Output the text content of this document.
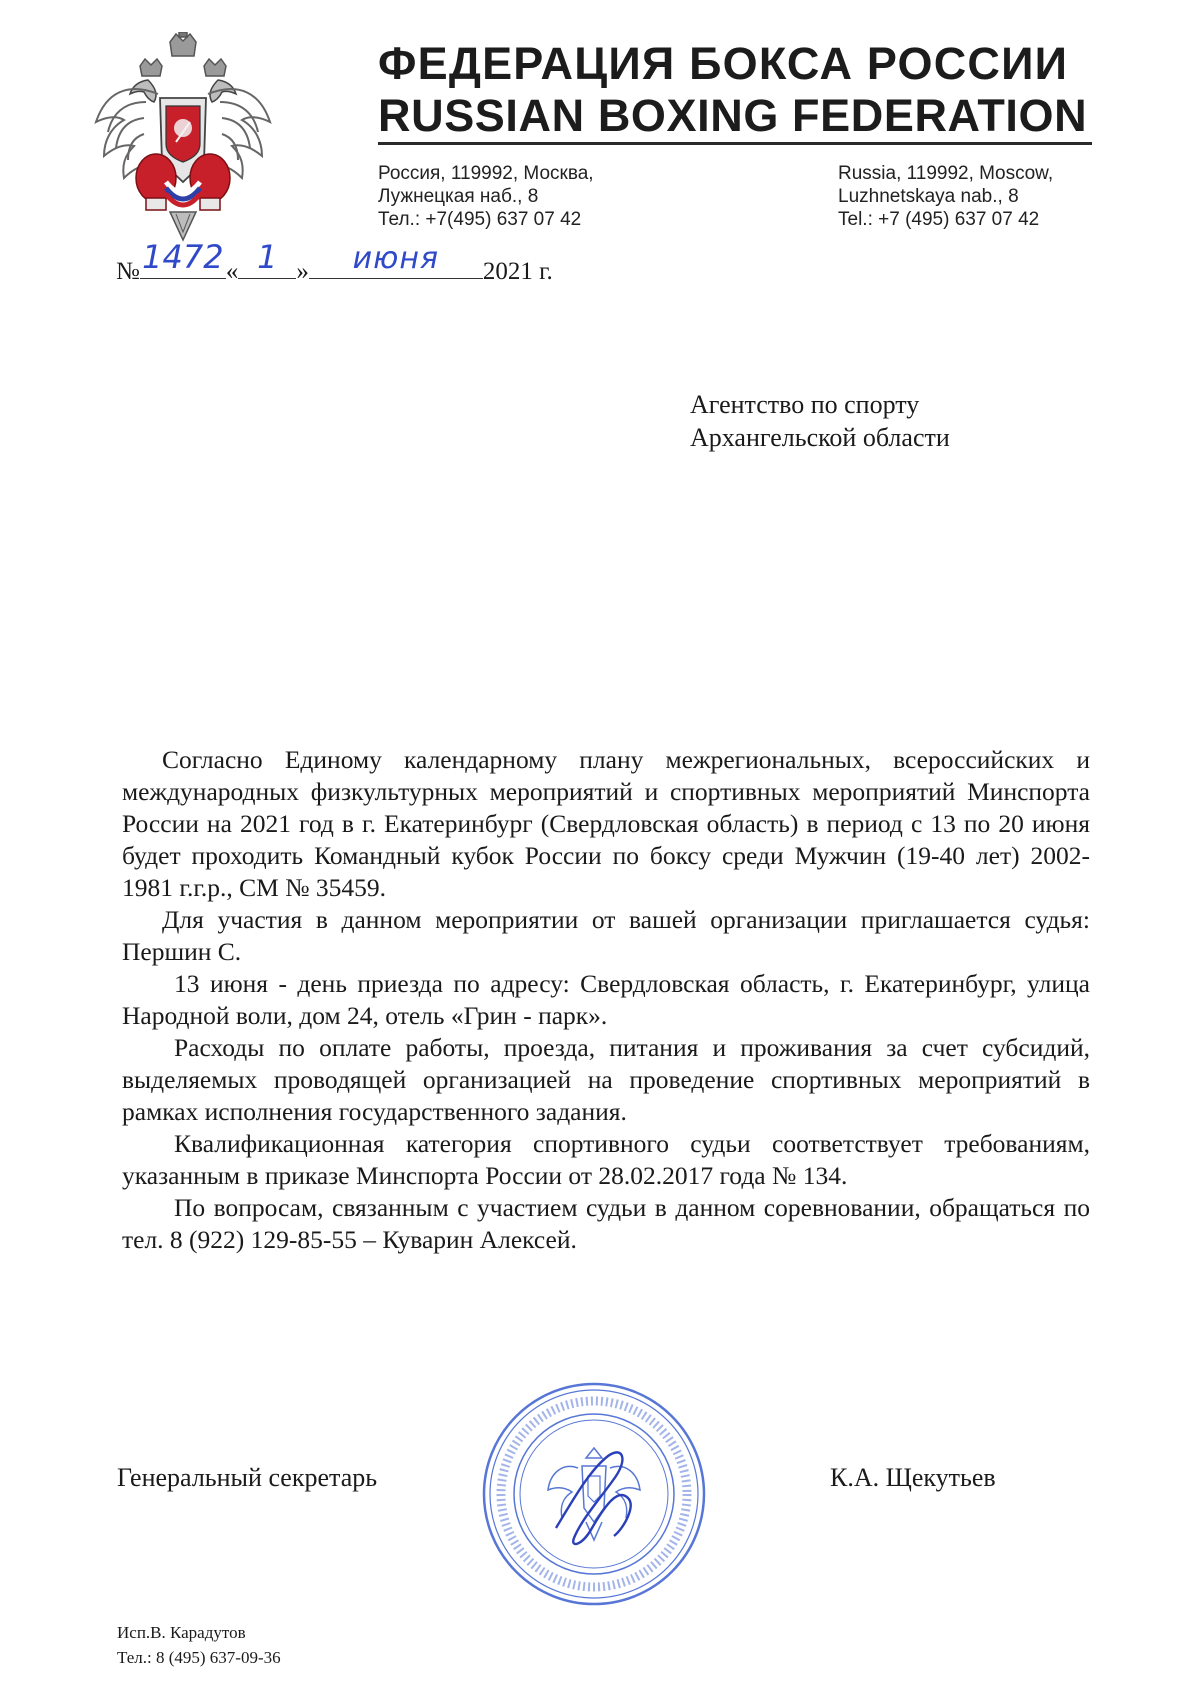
ФЕДЕРАЦИЯ БОКСА РОССИИ
RUSSIAN BOXING FEDERATION
Россия, 119992, Москва,
Лужнецкая наб., 8
Тел.: +7(495) 637 07 42
Russia, 119992, Moscow,
Luzhnetskaya nab., 8
Tel.: +7 (495) 637 07 42
№ 1472 « 1 » июня 2021 г.
Агентство по спорту
Архангельской области

Согласно Единому календарному плану межрегиональных, всероссийских и международных физкультурных мероприятий и спортивных мероприятий Минспорта России на 2021 год в г. Екатеринбург (Свердловская область) в период с 13 по 20 июня будет проходить Командный кубок России по боксу среди Мужчин (19-40 лет) 2002-1981 г.г.р., СМ № 35459.

Для участия в данном мероприятии от вашей организации приглашается судья: Першин С.

13 июня - день приезда по адресу: Свердловская область, г. Екатеринбург, улица Народной воли, дом 24, отель «Грин - парк».

Расходы по оплате работы, проезда, питания и проживания за счет субсидий, выделяемых проводящей организацией на проведение спортивных мероприятий в рамках исполнения государственного задания.

Квалификационная категория спортивного судьи соответствует требованиям, указанным в приказе Минспорта России от 28.02.2017 года № 134.

По вопросам, связанным с участием судьи в данном соревновании, обращаться по тел. 8 (922) 129-85-55 – Куварин Алексей.

Генеральный секретарь	К.А. Щекутьев
Исп.В. Карадутов
Тел.: 8 (495) 637-09-36
